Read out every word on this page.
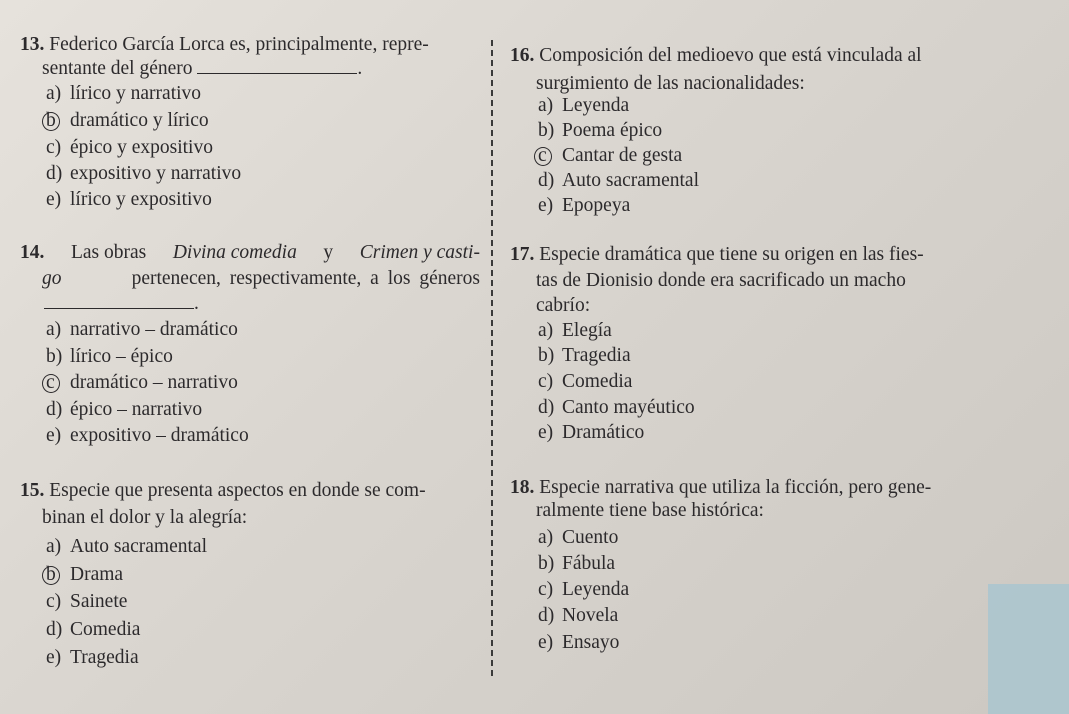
13. Federico García Lorca es, principalmente, repre-
sentante del género	.
a) lírico y narrativo
b dramático y lírico
c) épico y expositivo
d) expositivo y narrativo
e) lírico y expositivo
14. Las obras Divina comedia y Crimen y casti-
go	pertenecen, respectivamente, a los géneros
.
a) narrativo – dramático
b) lírico – épico
c dramático – narrativo
d) épico – narrativo
e) expositivo – dramático
15. Especie que presenta aspectos en donde se com-
binan el dolor y la alegría:
a) Auto sacramental
b Drama
c) Sainete
d) Comedia
e) Tragedia
16. Composición del medioevo que está vinculada al
surgimiento de las nacionalidades:
a) Leyenda
b) Poema épico
c Cantar de gesta
d) Auto sacramental
e) Epopeya
17. Especie dramática que tiene su origen en las fies-
tas de Dionisio donde era sacrificado un macho
cabrío:
a) Elegía
b) Tragedia
c) Comedia
d) Canto mayéutico
e) Dramático
18. Especie narrativa que utiliza la ficción, pero gene-
ralmente tiene base histórica:
a) Cuento
b) Fábula
c) Leyenda
d) Novela
e) Ensayo
